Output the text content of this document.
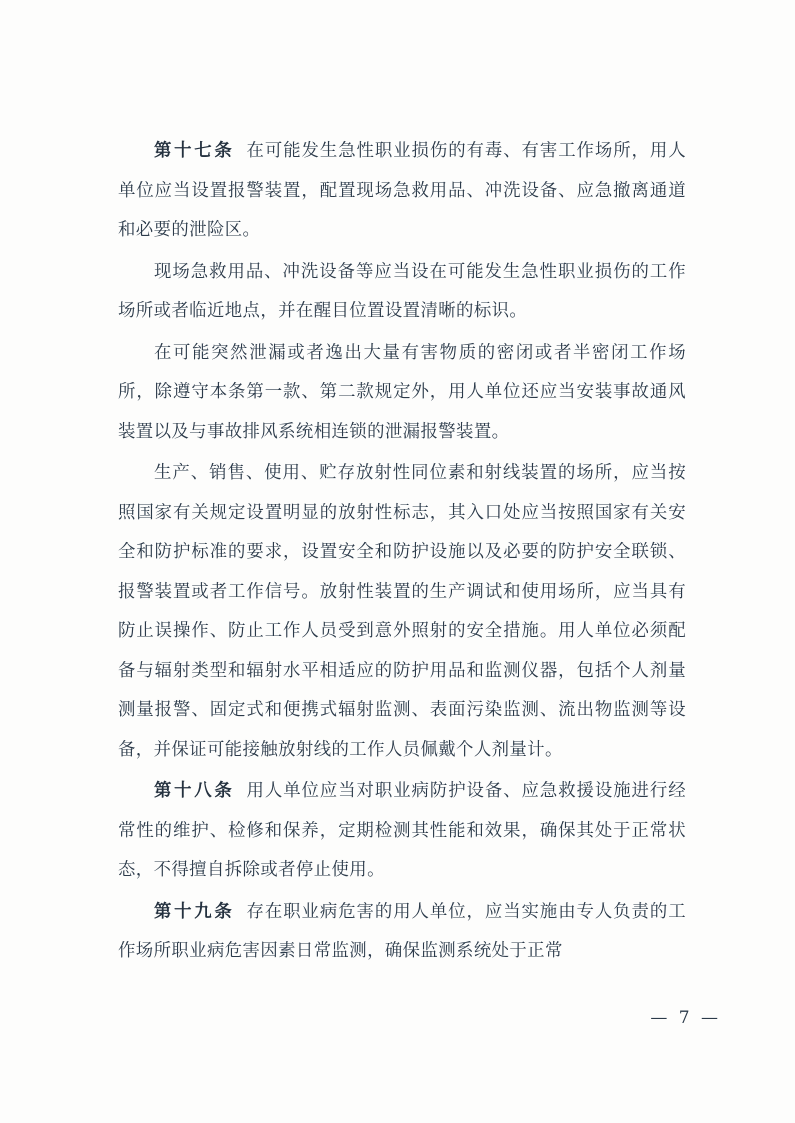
第十七条 在可能发生急性职业损伤的有毒、有害工作场所，用人单位应当设置报警装置，配置现场急救用品、冲洗设备、应急撤离通道和必要的泄险区。

现场急救用品、冲洗设备等应当设在可能发生急性职业损伤的工作场所或者临近地点，并在醒目位置设置清晰的标识。

在可能突然泄漏或者逸出大量有害物质的密闭或者半密闭工作场所，除遵守本条第一款、第二款规定外，用人单位还应当安装事故通风装置以及与事故排风系统相连锁的泄漏报警装置。

生产、销售、使用、贮存放射性同位素和射线装置的场所，应当按照国家有关规定设置明显的放射性标志，其入口处应当按照国家有关安全和防护标准的要求，设置安全和防护设施以及必要的防护安全联锁、报警装置或者工作信号。放射性装置的生产调试和使用场所，应当具有防止误操作、防止工作人员受到意外照射的安全措施。用人单位必须配备与辐射类型和辐射水平相适应的防护用品和监测仪器，包括个人剂量测量报警、固定式和便携式辐射监测、表面污染监测、流出物监测等设备，并保证可能接触放射线的工作人员佩戴个人剂量计。

第十八条 用人单位应当对职业病防护设备、应急救援设施进行经常性的维护、检修和保养，定期检测其性能和效果，确保其处于正常状态，不得擅自拆除或者停止使用。

第十九条 存在职业病危害的用人单位，应当实施由专人负责的工作场所职业病危害因素日常监测，确保监测系统处于正常

— 7 —
